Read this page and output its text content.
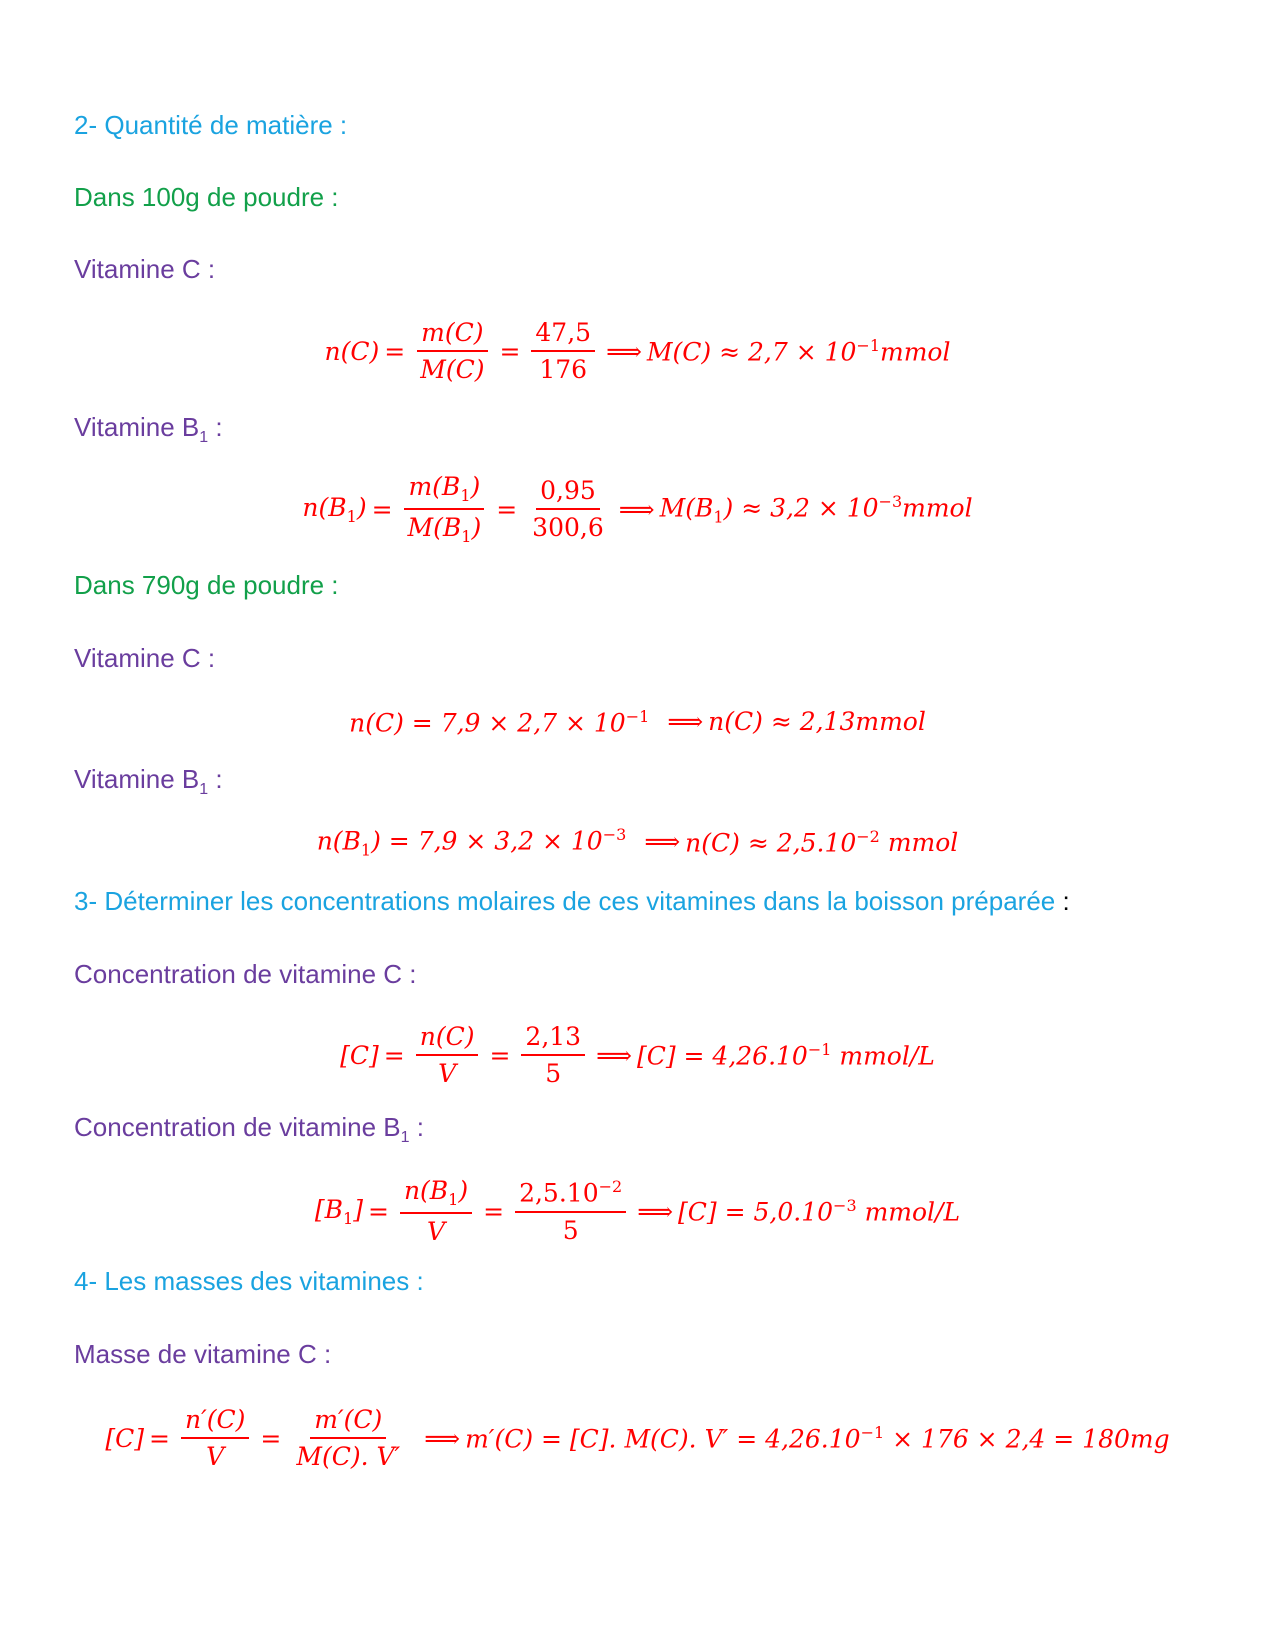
2- Quantité de matière :
Dans 100g de poudre :
Vitamine C :
$n(C) = \frac{m(C)}{M(C)} = \frac{47,5}{176}$ ⟹ $M(C) \approx 2,7 \times 10^{-1}mmol$
Vitamine $B_1$ :
$n(B_1) = \frac{m(B_1)}{M(B_1)} = \frac{0,95}{300,6}$ ⟹ $M(B_1) \approx 3,2$ × $10^{-3}mmol$
Dans 790g de poudre :
Vitamine C :
$n(C) = 7,9 \times 2,7 \times 10^{-1}$ ⟹ n(C) ≈ 2,13mmol
Vitamine $B_1$ :
$n(B_1) = 7,9 \times 3,2 \times 10^{-3}$ ⟹ $n(C) \approx 2,5.10^{-2}$ mmol
3- Déterminer les concentrations molaires de ces vitamines dans la boisson préparée :
Concentration de vitamine C :
$[C] = \frac{n(C)}{V} = \frac{2,13}{5}$ ⟹ $[C] = 4,26.10^{-1}$ mmol/L
Concentration de vitamine $B_1$ :
$[B_1] = \frac{n(B_1)}{V} = \frac{2,5.10^{-2}}{5}$ ⟹ $[C] = 5,0.10^{-3}$ mmol/L
4- Les masses des vitamines :
Masse de vitamine C :
$[C] = \frac{n'(C)}{V} = \frac{m'(C)}{M(C). V'}$ ⟹ m′(C) = [C]. M(C). $V' = 4,26.10^{-1} \times 176 \times 2,4 = 180mg$
